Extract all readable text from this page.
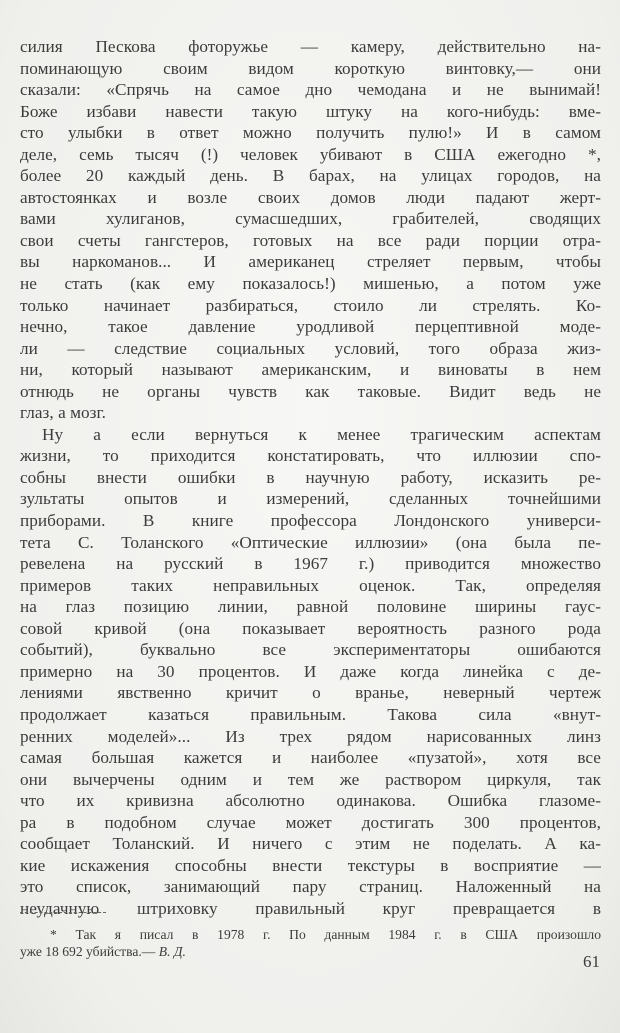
силия Пескова фоторужье — камеру, действительно на-
поминающую своим видом короткую винтовку,— они
сказали: «Спрячь на самое дно чемодана и не вынимай!
Боже избави навести такую штуку на кого-нибудь: вме-
сто улыбки в ответ можно получить пулю!» И в самом
деле, семь тысяч (!) человек убивают в США ежегодно *,
более 20 каждый день. В барах, на улицах городов, на
автостоянках и возле своих домов люди падают жерт-
вами хулиганов, сумасшедших, грабителей, сводящих
свои счеты гангстеров, готовых на все ради порции отра-
вы наркоманов... И американец стреляет первым, чтобы
не стать (как ему показалось!) мишенью, а потом уже
только начинает разбираться, стоило ли стрелять. Ко-
нечно, такое давление уродливой перцептивной моде-
ли — следствие социальных условий, того образа жиз-
ни, который называют американским, и виноваты в нем
отнюдь не органы чувств как таковые. Видит ведь не
глаз, а мозг.
Ну а если вернуться к менее трагическим аспектам
жизни, то приходится констатировать, что иллюзии спо-
собны внести ошибки в научную работу, исказить ре-
зультаты опытов и измерений, сделанных точнейшими
приборами. В книге профессора Лондонского универси-
тета С. Толанского «Оптические иллюзии» (она была пе-
ревелена на русский в 1967 г.) приводится множество
примеров таких неправильных оценок. Так, определяя
на глаз позицию линии, равной половине ширины гаус-
совой кривой (она показывает вероятность разного рода
событий), буквально все экспериментаторы ошибаются
примерно на 30 процентов. И даже когда линейка с де-
лениями явственно кричит о вранье, неверный чертеж
продолжает казаться правильным. Такова сила «внут-
ренних моделей»... Из трех рядом нарисованных линз
самая большая кажется и наиболее «пузатой», хотя все
они вычерчены одним и тем же раствором циркуля, так
что их кривизна абсолютно одинакова. Ошибка глазоме-
ра в подобном случае может достигать 300 процентов,
сообщает Толанский. И ничего с этим не поделать. А ка-
кие искажения способны внести текстуры в восприятие —
это список, занимающий пару страниц. Наложенный на
неудачную штриховку правильный круг превращается в
* Так я писал в 1978 г. По данным 1984 г. в США произошло
уже 18 692 убийства.— В. Д.
61
